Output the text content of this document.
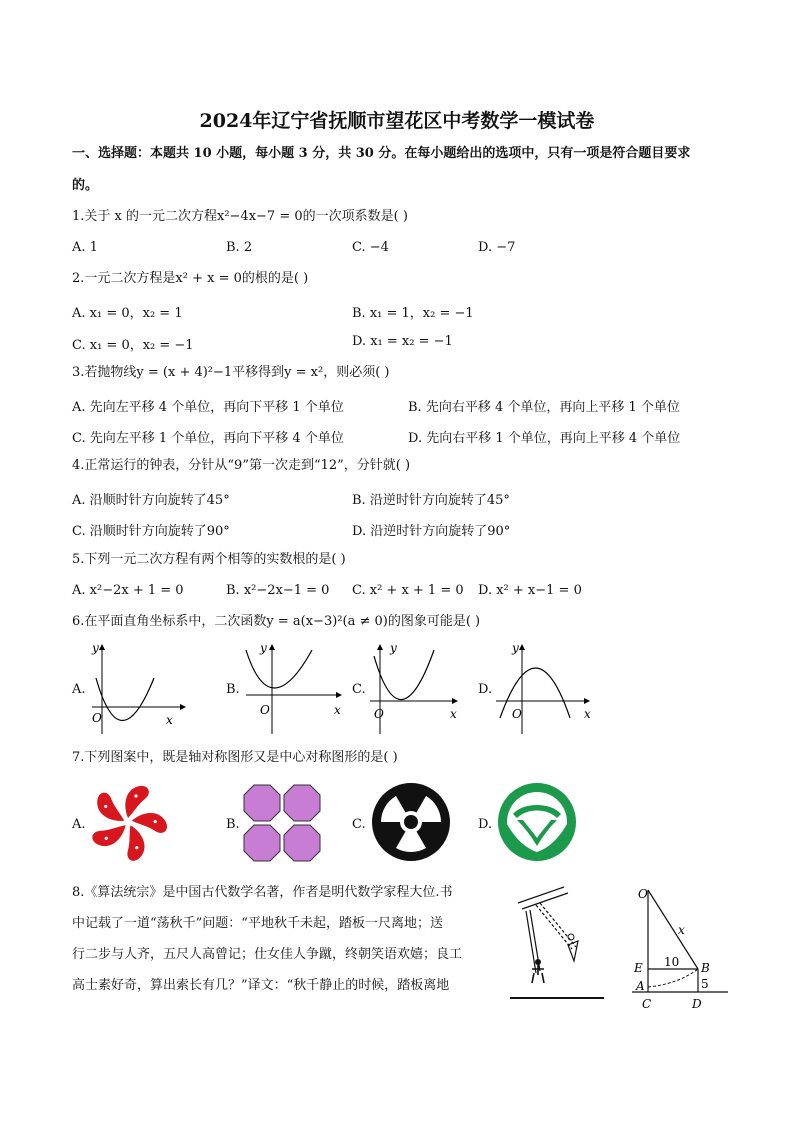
2024年辽宁省抚顺市望花区中考数学一模试卷
一、选择题：本题共 10 小题，每小题 3 分，共 30 分。在每小题给出的选项中，只有一项是符合题目要求
的。
1.关于 x 的一元二次方程x²−4x−7 = 0的一次项系数是( )
A. 1	B. 2	C. −4	D. −7
2.一元二次方程是x² + x = 0的根的是( )
A. x₁ = 0，x₂ = 1	B. x₁ = 1，x₂ = −1
C. x₁ = 0，x₂ = −1	D. x₁ = x₂ = −1
3.若抛物线y = (x + 4)²−1平移得到y = x²，则必须( )
A. 先向左平移 4 个单位，再向下平移 1 个单位	B. 先向右平移 4 个单位，再向上平移 1 个单位
C. 先向左平移 1 个单位，再向下平移 4 个单位	D. 先向右平移 1 个单位，再向上平移 4 个单位
4.正常运行的钟表，分针从“9”第一次走到“12”，分针就( )
A. 沿顺时针方向旋转了45°	B. 沿逆时针方向旋转了45°
C. 沿顺时针方向旋转了90°	D. 沿逆时针方向旋转了90°
5.下列一元二次方程有两个相等的实数根的是( )
A. x²−2x + 1 = 0	B. x²−2x−1 = 0 C. x² + x + 1 = 0 D. x² + x−1 = 0
6.在平面直角坐标系中，二次函数y = a(x−3)²(a ≠ 0)的图象可能是( )
A.
y
x
O
B.
y
x
O
C.
y
x
O
D.
y
x
O
7.下列图案中，既是轴对称图形又是中心对称图形的是( )
A.	B.	C.	D.
8.《算法统宗》是中国古代数学名著，作者是明代数学家程大位.书
中记载了一道“荡秋千”问题：“平地秋千未起，踏板一尺离地；送
行二步与人齐，五尺人高曾记；仕女佳人争蹴，终朝笑语欢嬉；良工
高士素好奇，算出索长有几？”译文：“秋千静止的时候，踏板离地
O
x
E 10 B
A	5
C	D
